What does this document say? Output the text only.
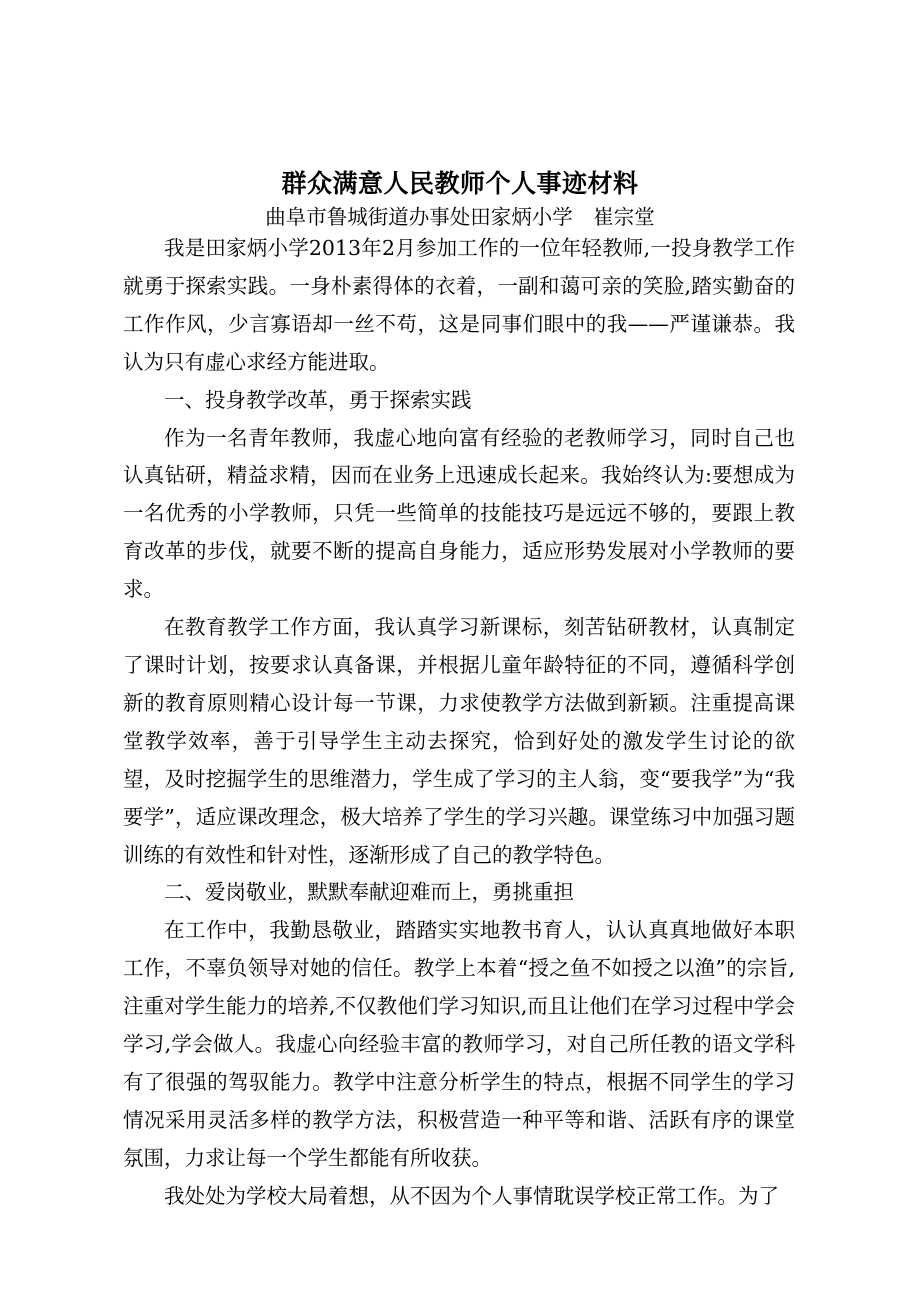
群众满意人民教师个人事迹材料
曲阜市鲁城街道办事处田家炳小学　崔宗堂

我是田家炳小学2013年2月参加工作的一位年轻教师,一投身教学工作就勇于探索实践。一身朴素得体的衣着，一副和蔼可亲的笑脸,踏实勤奋的工作作风，少言寡语却一丝不苟，这是同事们眼中的我——严谨谦恭。我认为只有虚心求经方能进取。

一、投身教学改革，勇于探索实践

作为一名青年教师，我虚心地向富有经验的老教师学习，同时自己也认真钻研，精益求精，因而在业务上迅速成长起来。我始终认为:要想成为一名优秀的小学教师，只凭一些简单的技能技巧是远远不够的，要跟上教育改革的步伐，就要不断的提高自身能力，适应形势发展对小学教师的要求。

在教育教学工作方面，我认真学习新课标，刻苦钻研教材，认真制定了课时计划，按要求认真备课，并根据儿童年龄特征的不同，遵循科学创新的教育原则精心设计每一节课，力求使教学方法做到新颖。注重提高课堂教学效率，善于引导学生主动去探究，恰到好处的激发学生讨论的欲望，及时挖掘学生的思维潜力，学生成了学习的主人翁，变“要我学”为“我要学”，适应课改理念，极大培养了学生的学习兴趣。课堂练习中加强习题训练的有效性和针对性，逐渐形成了自己的教学特色。

二、爱岗敬业，默默奉献迎难而上，勇挑重担

在工作中，我勤恳敬业，踏踏实实地教书育人，认认真真地做好本职工作，不辜负领导对她的信任。教学上本着“授之鱼不如授之以渔”的宗旨,注重对学生能力的培养,不仅教他们学习知识,而且让他们在学习过程中学会学习,学会做人。我虚心向经验丰富的教师学习，对自己所任教的语文学科有了很强的驾驭能力。教学中注意分析学生的特点，根据不同学生的学习情况采用灵活多样的教学方法，积极营造一种平等和谐、活跃有序的课堂氛围，力求让每一个学生都能有所收获。

我处处为学校大局着想，从不因为个人事情耽误学校正常工作。为了
